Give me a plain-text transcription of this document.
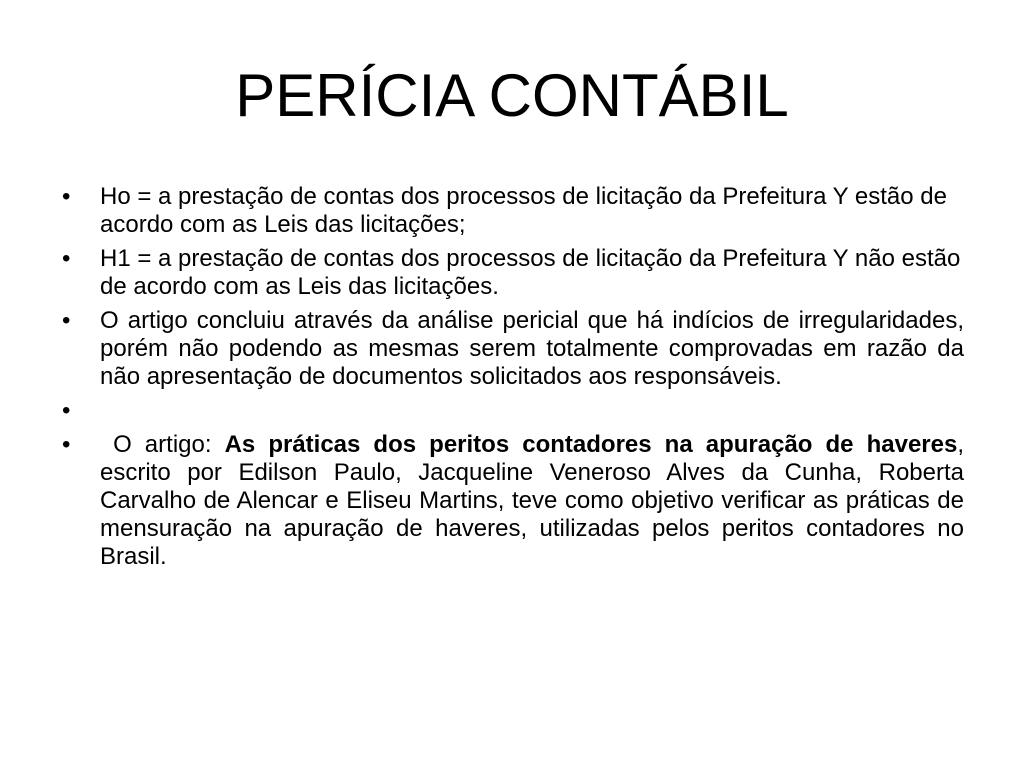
PERÍCIA CONTÁBIL
•	Ho = a prestação de contas dos processos de licitação da Prefeitura Y estão de acordo com as Leis das licitações;
•	H1 = a prestação de contas dos processos de licitação da Prefeitura Y não estão de acordo com as Leis das licitações.
•	O artigo concluiu através da análise pericial que há indícios de irregularidades, porém não podendo as mesmas serem totalmente comprovadas em razão da não apresentação de documentos solicitados aos responsáveis.
•
•	O artigo: As práticas dos peritos contadores na apuração de haveres, escrito por Edilson Paulo, Jacqueline Veneroso Alves da Cunha, Roberta Carvalho de Alencar e Eliseu Martins, teve como objetivo verificar as práticas de mensuração na apuração de haveres, utilizadas pelos peritos contadores no Brasil.
